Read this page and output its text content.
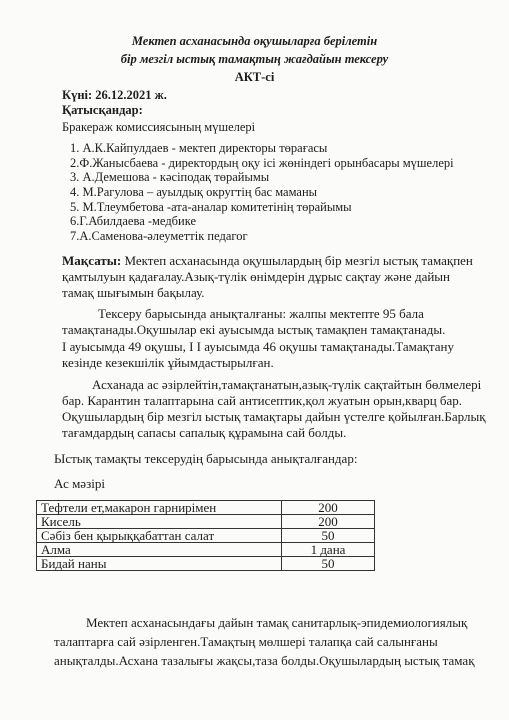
Мектеп асханасында оқушыларға берілетін
бір мезгіл ыстық тамақтың жағдайын тексеру
АКТ-сі
Күні: 26.12.2021 ж.
Қатысқандар:
Бракераж комиссиясының мүшелері
1. А.К.Кайпулдаев - мектеп директоры төрағасы
2.Ф.Жаныcбаева - директордың оқу ісі жөніндегі орынбасары мүшелері
3. А.Демешова - кәсіподақ төрайымы
4. М.Рагулова – ауылдық округтің бас маманы
5. М.Тлеумбетова -ата-аналар комитетінің төрайымы
6.Г.Абилдаева -медбике
7.А.Саменова-әлеуметтік педагог
Мақсаты: Мектеп асханасында оқушылардың бір мезгіл ыстық тамақпен
қамтылуын қадағалау.Азық-түлік өнімдерін дұрыс сақтау және дайын
тамақ шығымын бақылау.
Тексеру барысында анықталғаны: жалпы мектепте 95 бала
тамақтанады.Оқушылар екі ауысымда ыстық тамақпен тамақтанады.
І ауысымда 49 оқушы, І І ауысымда 46 оқушы тамақтанады.Тамақтану
кезінде кезекшілік ұйымдастырылған.
Асханада ас әзірлейтін,тамақтанатын,азық-түлік сақтайтын бөлмелері
бар. Карантин талаптарына сай антисептик,қол жуатын орын,кварц бар.
Оқушылардың бір мезгіл ыстық тамақтары дайын үстелге қойылған.Барлық
тағамдардың сапасы сапалық құрамына сай болды.
Ыстық тамақты тексерудің барысында анықталғандар:
Ас мәзірі
Тефтели ет,макарон гарнирімен	200
Кисель	200
Сәбіз бен қырыққабаттан салат	50
Алма	1 дана
Бидай наны	50
Мектеп асханасындағы дайын тамақ санитарлық-эпидемиологиялық
талаптарға сай әзірленген.Тамақтың мөлшері талапқа сай салынғаны
анықталды.Асхана тазалығы жақсы,таза болды.Оқушылардың ыстық тамақ
